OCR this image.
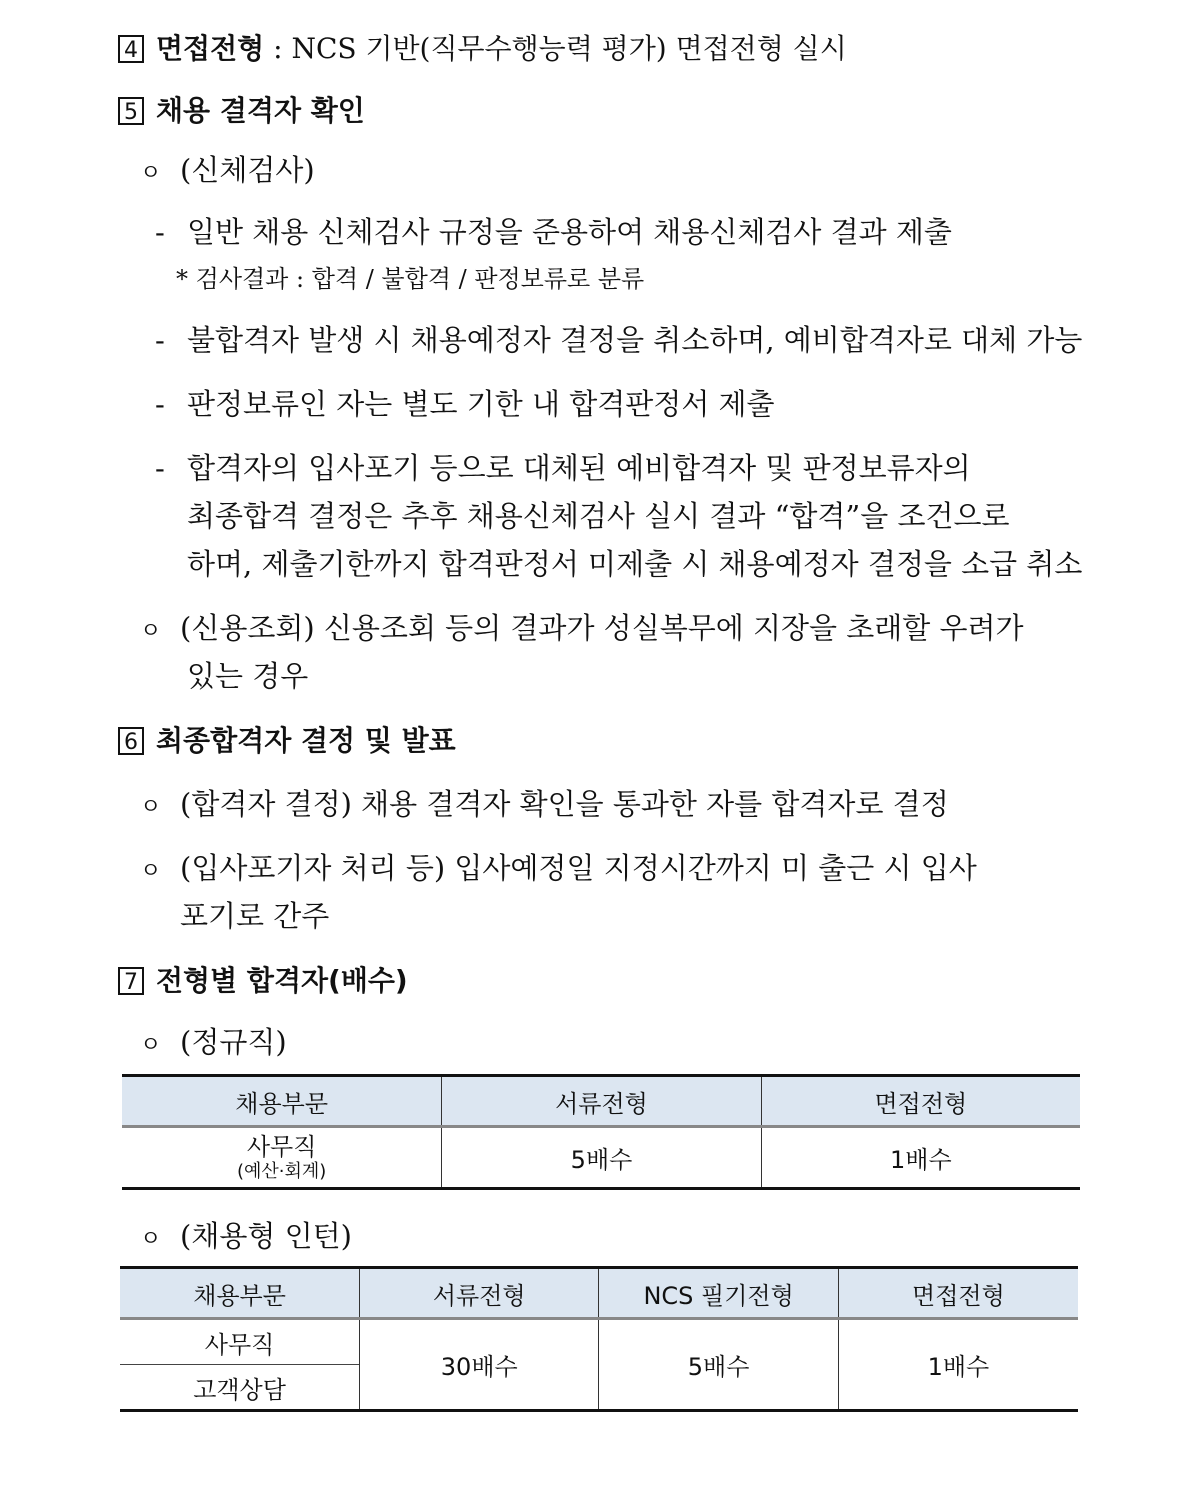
4 면접전형 : NCS 기반(직무수행능력 평가) 면접전형 실시
5 채용 결격자 확인
ㅇ (신체검사)
- 일반 채용 신체검사 규정을 준용하여 채용신체검사 결과 제출
* 검사결과 : 합격 / 불합격 / 판정보류로 분류
- 불합격자 발생 시 채용예정자 결정을 취소하며, 예비합격자로 대체 가능
- 판정보류인 자는 별도 기한 내 합격판정서 제출
- 합격자의 입사포기 등으로 대체된 예비합격자 및 판정보류자의
최종합격 결정은 추후 채용신체검사 실시 결과 “합격”을 조건으로
하며, 제출기한까지 합격판정서 미제출 시 채용예정자 결정을 소급 취소
ㅇ (신용조회) 신용조회 등의 결과가 성실복무에 지장을 초래할 우려가
있는 경우
6 최종합격자 결정 및 발표
ㅇ (합격자 결정) 채용 결격자 확인을 통과한 자를 합격자로 결정
ㅇ (입사포기자 처리 등) 입사예정일 지정시간까지 미 출근 시 입사
포기로 간주
7 전형별 합격자(배수)
ㅇ (정규직)
채용부문	서류전형	면접전형

사무직
(예산·회계)	5배수	1배수
ㅇ (채용형 인턴)
채용부문	서류전형	NCS 필기전형	면접전형
사무직	30배수	5배수	1배수
고객상담			
